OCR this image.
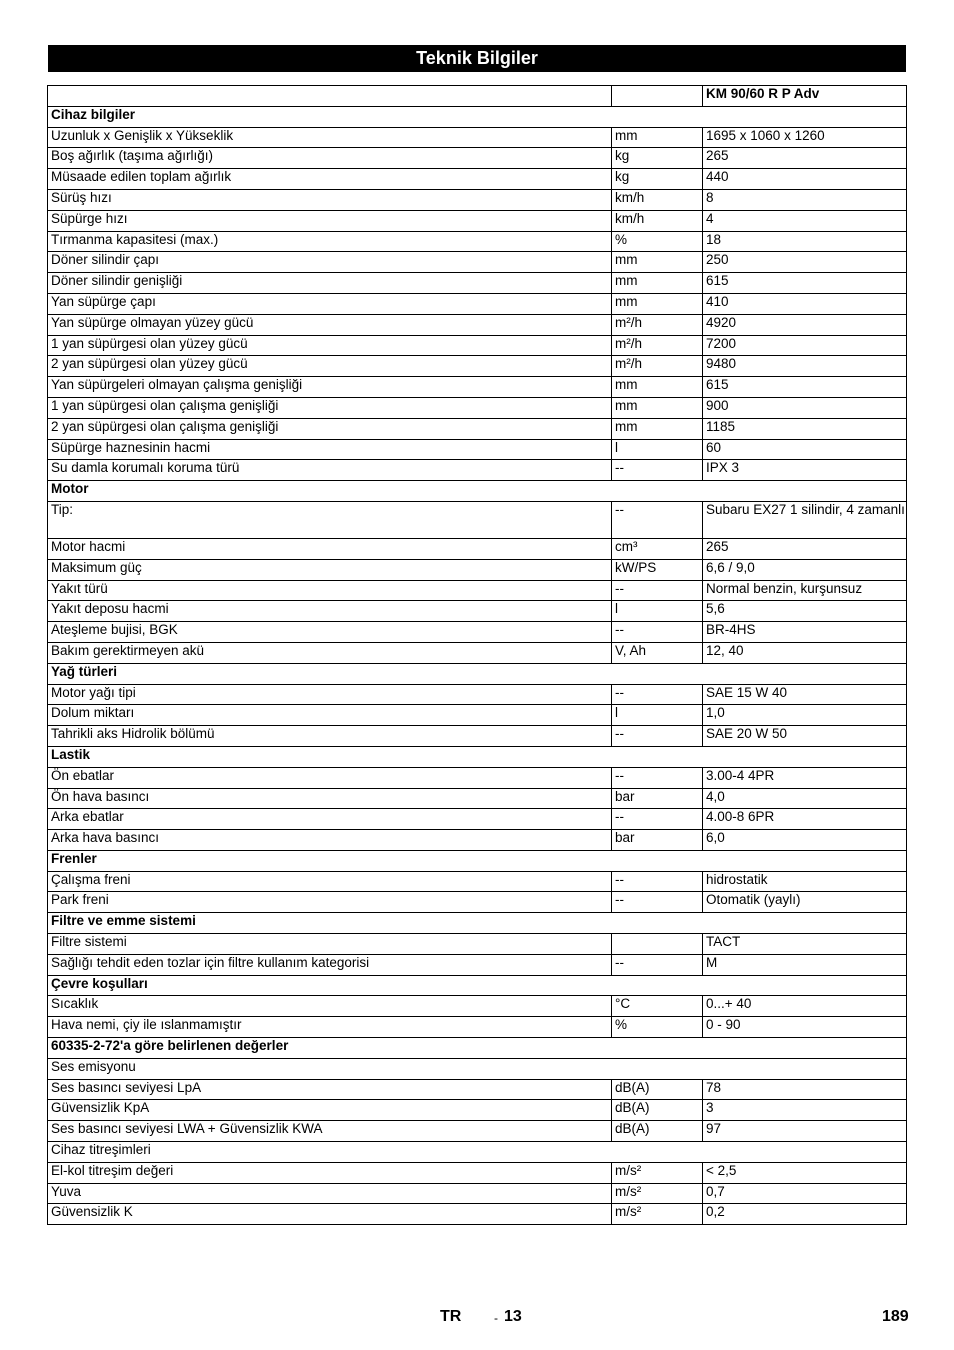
Teknik Bilgiler
		KM 90/60 R P Adv
Cihaz bilgiler		
Uzunluk x Genişlik x Yükseklik	mm	1695 x 1060 x 1260
Boş ağırlık (taşıma ağırlığı)	kg	265
Müsaade edilen toplam ağırlık	kg	440
Sürüş hızı	km/h	8
Süpürge hızı	km/h	4
Tırmanma kapasitesi (max.)	%	18
Döner silindir çapı	mm	250
Döner silindir genişliği	mm	615
Yan süpürge çapı	mm	410
Yan süpürge olmayan yüzey gücü	m²/h	4920
1 yan süpürgesi olan yüzey gücü	m²/h	7200
2 yan süpürgesi olan yüzey gücü	m²/h	9480
Yan süpürgeleri olmayan çalışma genişliği	mm	615
1 yan süpürgesi olan çalışma genişliği	mm	900
2 yan süpürgesi olan çalışma genişliği	mm	1185
Süpürge haznesinin hacmi	l	60
Su damla korumalı koruma türü	--	IPX 3
Motor		
Tip:	--	Subaru EX27 1 silindir, 4 zamanlı
Motor hacmi	cm³	265
Maksimum güç	kW/PS	6,6 / 9,0
Yakıt türü	--	Normal benzin, kurşunsuz
Yakıt deposu hacmi	l	5,6
Ateşleme bujisi, BGK	--	BR-4HS
Bakım gerektirmeyen akü	V, Ah	12, 40
Yağ türleri		
Motor yağı tipi	--	SAE 15 W 40
Dolum miktarı	l	1,0
Tahrikli aks Hidrolik bölümü	--	SAE 20 W 50
Lastik		
Ön ebatlar	--	3.00-4 4PR
Ön hava basıncı	bar	4,0
Arka ebatlar	--	4.00-8 6PR
Arka hava basıncı	bar	6,0
Frenler		
Çalışma freni	--	hidrostatik
Park freni	--	Otomatik (yaylı)
Filtre ve emme sistemi		
Filtre sistemi		TACT
Sağlığı tehdit eden tozlar için filtre kullanım kategorisi	--	M
Çevre koşulları		
Sıcaklık	°C	0...+ 40
Hava nemi, çiy ile ıslanmamıştır	%	0 - 90
60335-2-72'a göre belirlenen değerler		
Ses emisyonu		
Ses basıncı seviyesi LpA	dB(A)	78
Güvensizlik KpA	dB(A)	3
Ses basıncı seviyesi LWA + Güvensizlik KWA	dB(A)	97
Cihaz titreşimleri		
El-kol titreşim değeri	m/s²	< 2,5
Yuva	m/s²	0,7
Güvensizlik K	m/s²	0,2
TR	- 13	189
